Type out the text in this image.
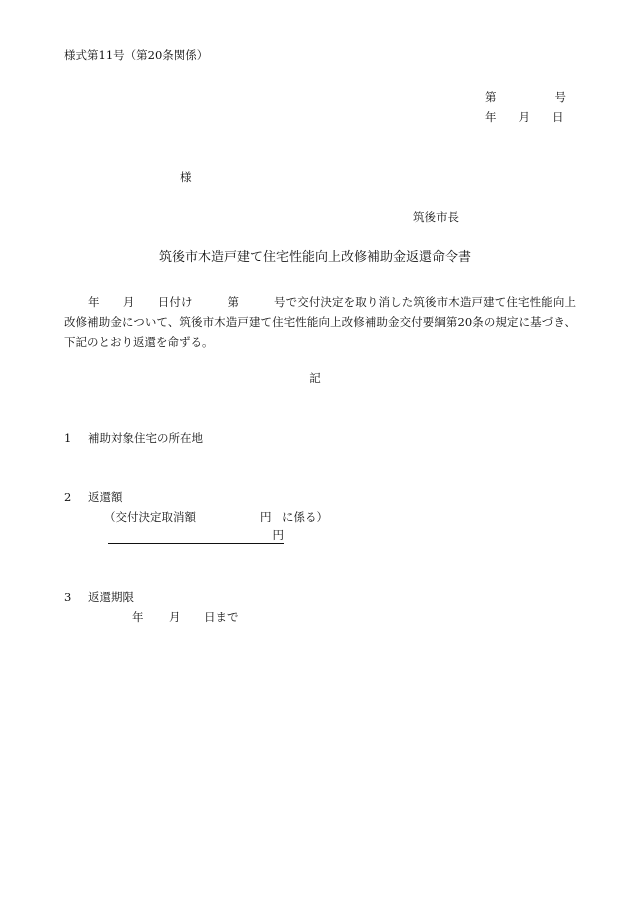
様式第11号（第20条関係）
第	号
年 月 日
様
筑後市長
筑後市木造戸建て住宅性能向上改修補助金返還命令書
年　　月　　日付け　　　第　　　号で交付決定を取り消した筑後市木造戸建て住宅性能向上改修補助金について、筑後市木造戸建て住宅性能向上改修補助金交付要綱第20条の規定に基づき、下記のとおり返還を命ずる。
記
1 補助対象住宅の所在地
2 返還額
（交付決定取消額	円 に係る）
円
3 返還期限
年 月 日まで
